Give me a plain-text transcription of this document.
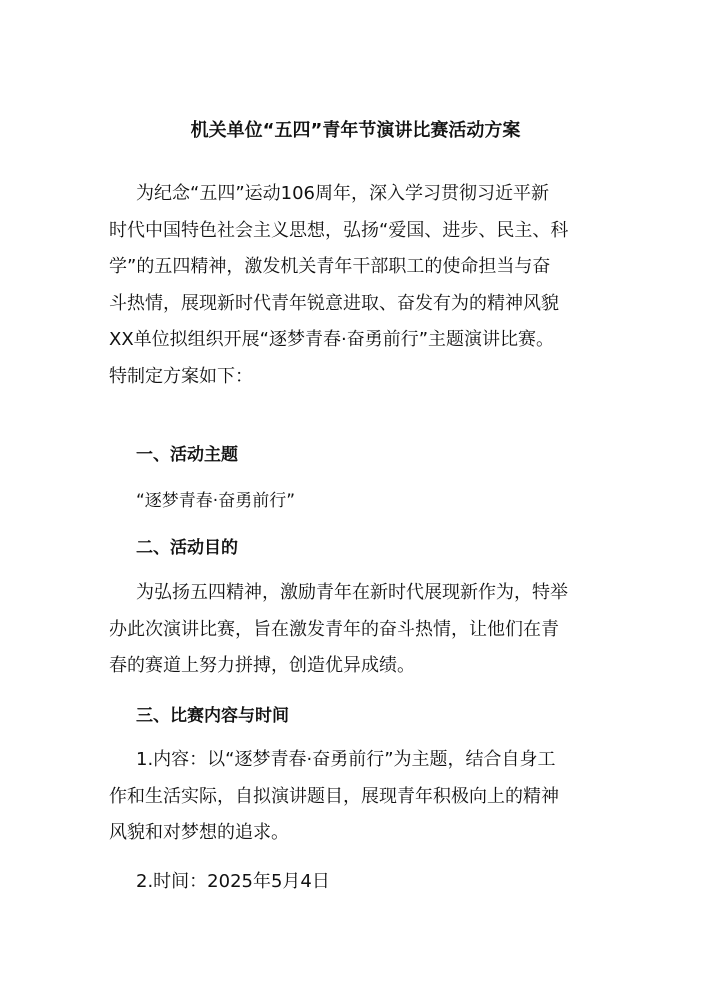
机关单位“五四”青年节演讲比赛活动方案
为纪念“五四”运动106周年，深入学习贯彻习近平新
时代中国特色社会主义思想，弘扬“爱国、进步、民主、科
学”的五四精神，激发机关青年干部职工的使命担当与奋
斗热情，展现新时代青年锐意进取、奋发有为的精神风貌
XX单位拟组织开展“逐梦青春·奋勇前行”主题演讲比赛。
特制定方案如下：
一、活动主题

“逐梦青春·奋勇前行”

二、活动目的
为弘扬五四精神，激励青年在新时代展现新作为，特举
办此次演讲比赛，旨在激发青年的奋斗热情，让他们在青
春的赛道上努力拼搏，创造优异成绩。
三、比赛内容与时间
1.内容：以“逐梦青春·奋勇前行”为主题，结合自身工
作和生活实际，自拟演讲题目，展现青年积极向上的精神
风貌和对梦想的追求。

2.时间：2025年5月4日
